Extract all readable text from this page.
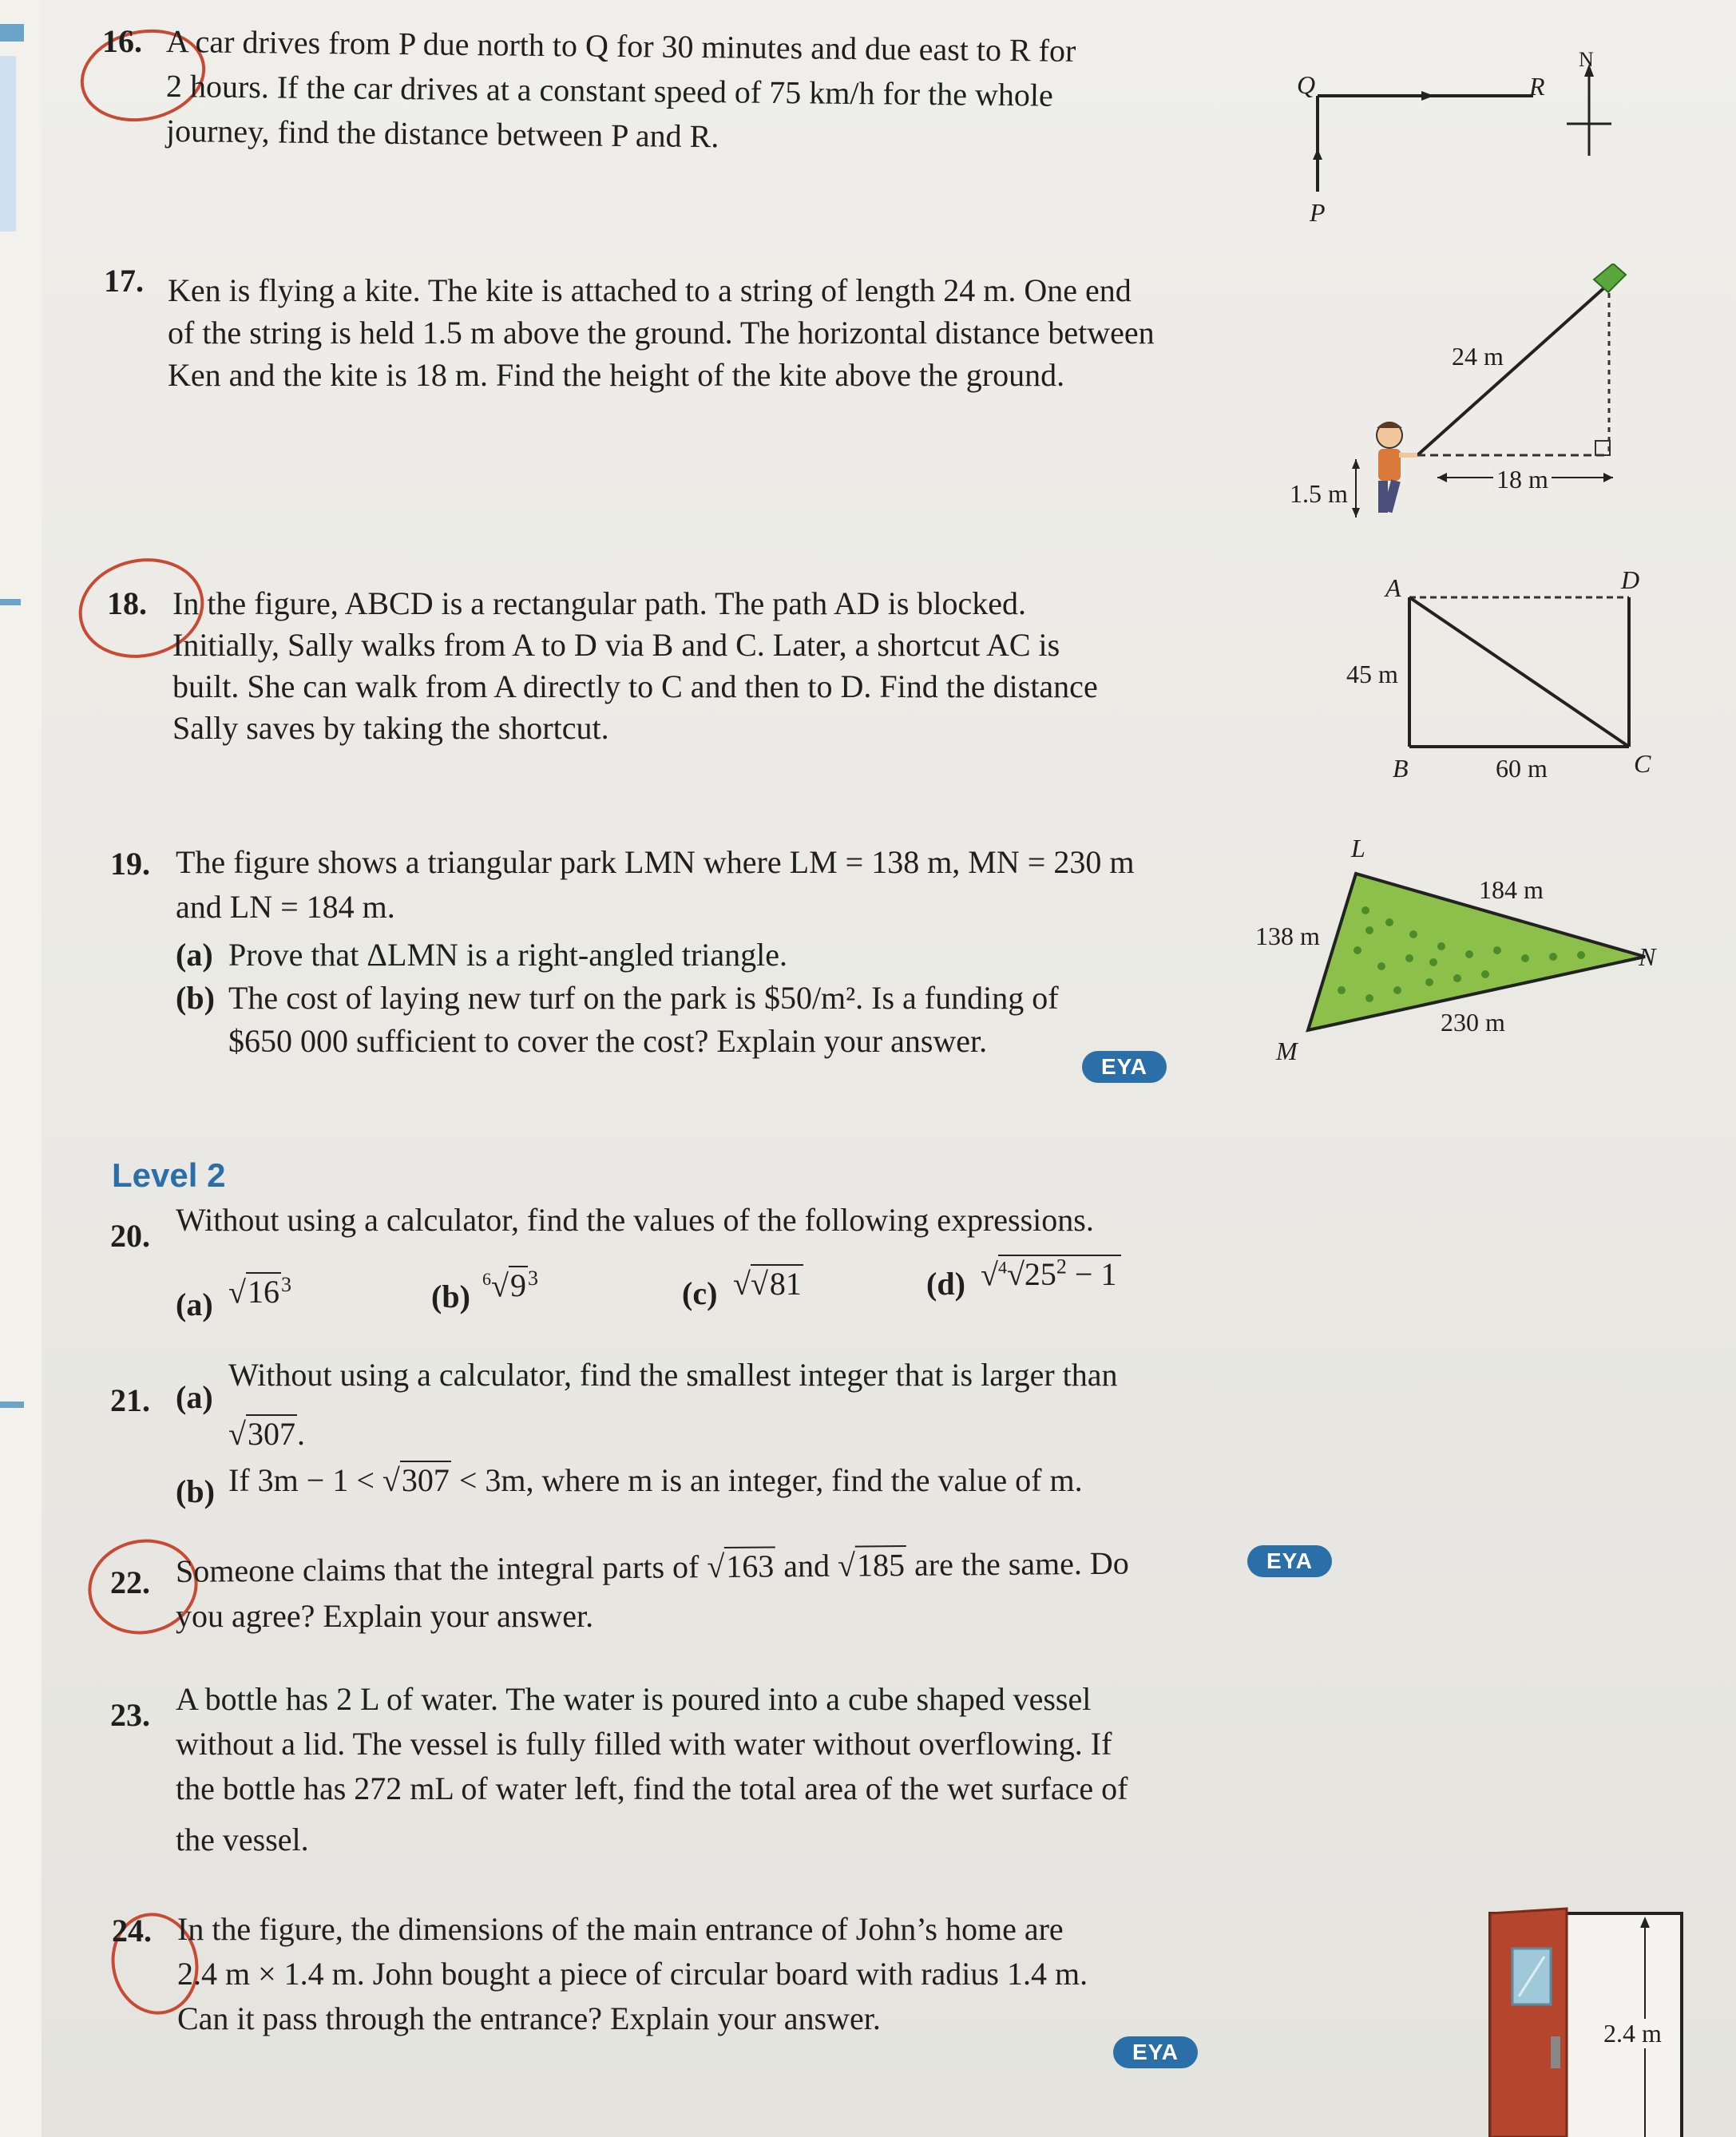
16. A car drives from P due north to Q for 30 minutes and due east to R for
2 hours. If the car drives at a constant speed of 75 km/h for the whole
journey, find the distance between P and R.
Q	R
P
N
17. Ken is flying a kite. The kite is attached to a string of length 24 m. One end
of the string is held 1.5 m above the ground. The horizontal distance between
Ken and the kite is 18 m. Find the height of the kite above the ground.
24 m
1.5 m	18 m
18. In the figure, ABCD is a rectangular path. The path AD is blocked.
Initially, Sally walks from A to D via B and C. Later, a shortcut AC is
built. She can walk from A directly to C and then to D. Find the distance
Sally saves by taking the shortcut.
A	D
B	C
45 m
60 m
19. The figure shows a triangular park LMN where LM = 138 m, MN = 230 m
and LN = 184 m.
(a) Prove that ΔLMN is a right-angled triangle.
(b) The cost of laying new turf on the park is $50/m². Is a funding of
$650 000 sufficient to cover the cost? Explain your answer.
EYA
L
M
N
138 m
184 m
230 m
Level 2
20. Without using a calculator, find the values of the following expressions.
(a) $√16^3$	(b) $^6√9^3$	(c) √√81	(d) $√^4√25^2 - 1$
21. (a)
Without using a calculator, find the smallest integer that is larger than
√307.
(b) If 3m − 1 < √307 < 3m, where m is an integer, find the value of m.
22. Someone claims that the integral parts of √163 and √185 are the same. Do
you agree? Explain your answer.
EYA
23. A bottle has 2 L of water. The water is poured into a cube shaped vessel
without a lid. The vessel is fully filled with water without overflowing. If
the bottle has 272 mL of water left, find the total area of the wet surface of
the vessel.
24. In the figure, the dimensions of the main entrance of John’s home are
2.4 m × 1.4 m. John bought a piece of circular board with radius 1.4 m.
Can it pass through the entrance? Explain your answer.
EYA
2.4 m
